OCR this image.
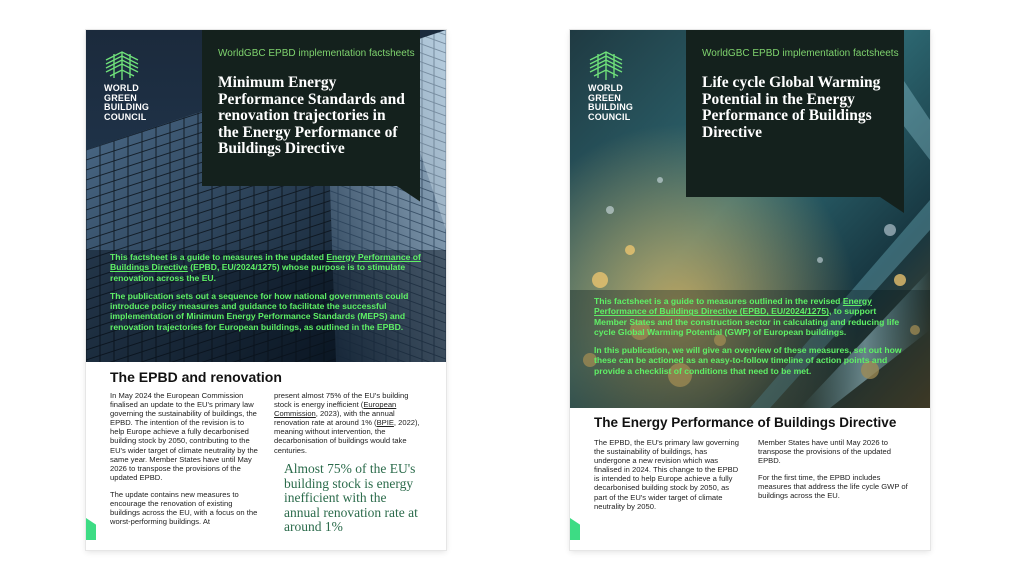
WORLD
GREEN
BUILDING
COUNCIL
WorldGBC EPBD implementation factsheets
Minimum Energy Performance Standards and renovation trajectories in the Energy Performance of Buildings Directive

This factsheet is a guide to measures in the updated Energy Performance of Buildings Directive (EPBD, EU/2024/1275) whose purpose is to stimulate renovation across the EU.

The publication sets out a sequence for how national governments could introduce policy measures and guidance to facilitate the successful implementation of Minimum Energy Performance Standards (MEPS) and renovation trajectories for European buildings, as outlined in the EPBD.

The EPBD and renovation

In May 2024 the European Commission finalised an update to the EU's primary law governing the sustainability of buildings, the EPBD. The intention of the revision is to help Europe achieve a fully decarbonised building stock by 2050, contributing to the EU's wider target of climate neutrality by the same year. Member States have until May 2026 to transpose the provisions of the updated EPBD.

The update contains new measures to encourage the renovation of existing buildings across the EU, with a focus on the worst-performing buildings. At

present almost 75% of the EU's building stock is energy inefficient (European Commission, 2023), with the annual renovation rate at around 1% (BPIE, 2022), meaning without intervention, the decarbonisation of buildings would take centuries.

Almost 75% of the EU's building stock is energy inefficient with the annual renovation rate at around 1%
WORLD
GREEN
BUILDING
COUNCIL
WorldGBC EPBD implementation factsheets
Life cycle Global Warming Potential in the Energy Performance of Buildings Directive

This factsheet is a guide to measures outlined in the revised Energy Performance of Buildings Directive (EPBD, EU/2024/1275), to support Member States and the construction sector in calculating and reducing life cycle Global Warming Potential (GWP) of European buildings.

In this publication, we will give an overview of these measures, set out how these can be actioned as an easy-to-follow timeline of action points and provide a checklist of conditions that need to be met.

The Energy Performance of Buildings Directive

The EPBD, the EU's primary law governing the sustainability of buildings, has undergone a new revision which was finalised in 2024. This change to the EPBD is intended to help Europe achieve a fully decarbonised building stock by 2050, as part of the EU's wider target of climate neutrality by 2050.

Member States have until May 2026 to transpose the provisions of the updated EPBD.

For the first time, the EPBD includes measures that address the life cycle GWP of buildings across the EU.
